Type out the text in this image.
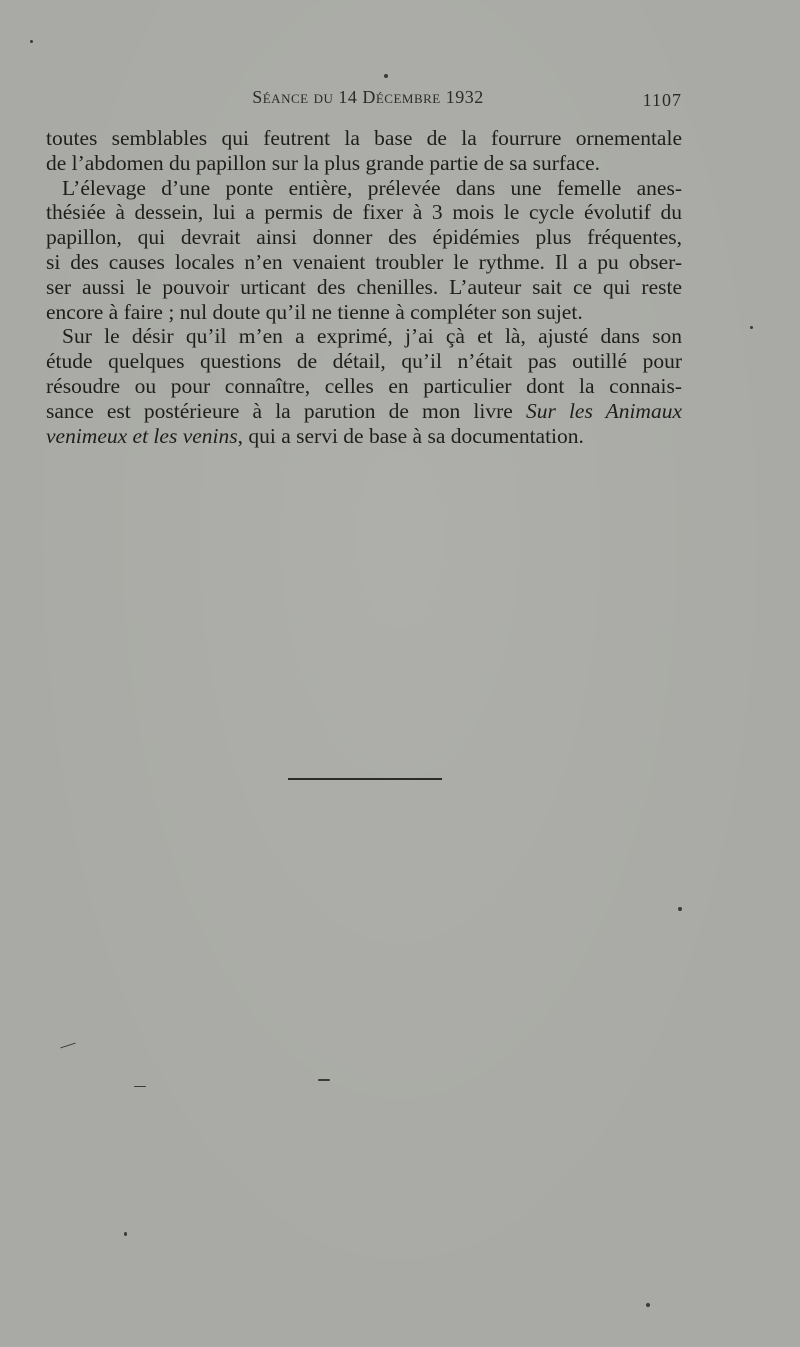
Séance du 14 Décembre 1932	1107
toutes semblables qui feutrent la base de la fourrure ornementale
de l’abdomen du papillon sur la plus grande partie de sa surface.
L’élevage d’une ponte entière, prélevée dans une femelle anes-
thésiée à dessein, lui a permis de fixer à 3 mois le cycle évolutif du
papillon, qui devrait ainsi donner des épidémies plus fréquentes,
si des causes locales n’en venaient troubler le rythme. Il a pu obser-
ser aussi le pouvoir urticant des chenilles. L’auteur sait ce qui reste
encore à faire ; nul doute qu’il ne tienne à compléter son sujet.
Sur le désir qu’il m’en a exprimé, j’ai çà et là, ajusté dans son
étude quelques questions de détail, qu’il n’était pas outillé pour
résoudre ou pour connaître, celles en particulier dont la connais-
sance est postérieure à la parution de mon livre Sur les Animaux
venimeux et les venins, qui a servi de base à sa documentation.
